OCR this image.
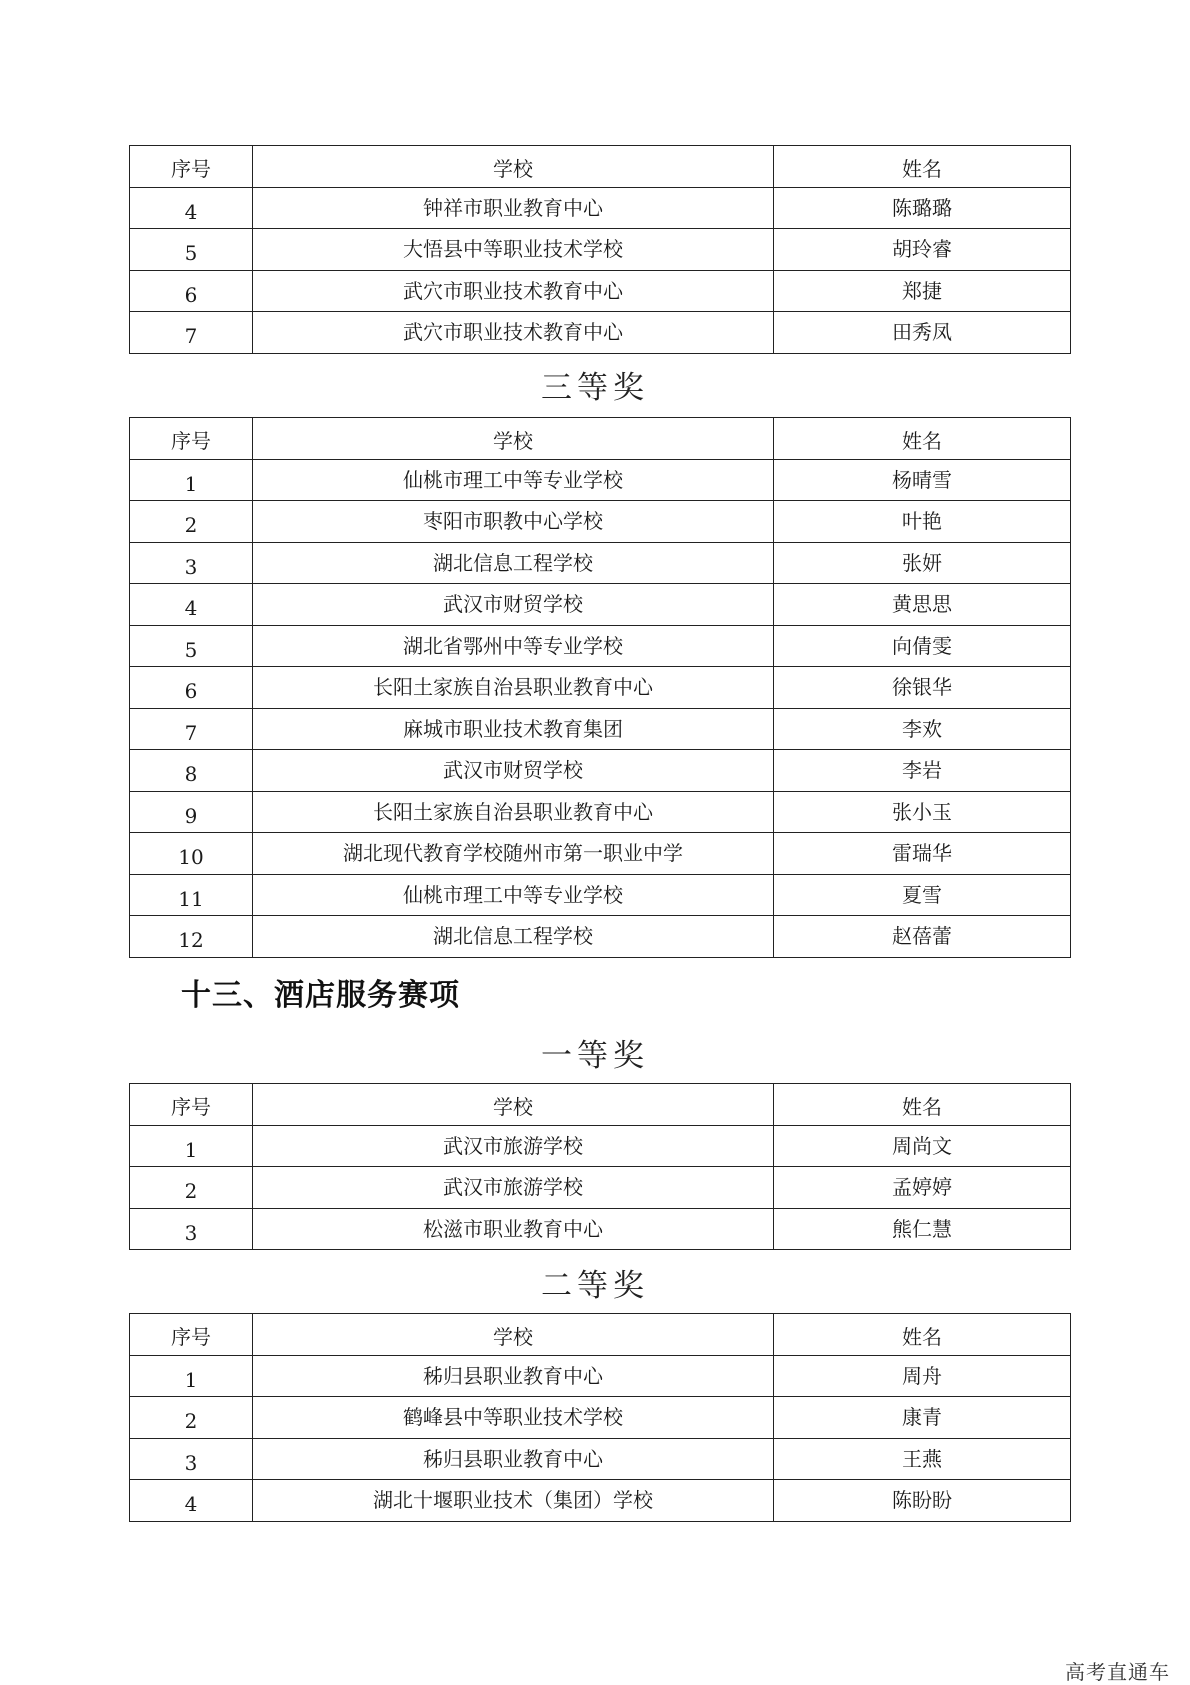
序号	学校	姓名
4	钟祥市职业教育中心	陈璐璐
5	大悟县中等职业技术学校	胡玲睿
6	武穴市职业技术教育中心	郑捷
7	武穴市职业技术教育中心	田秀凤
三等奖
序号	学校	姓名
1	仙桃市理工中等专业学校	杨晴雪
2	枣阳市职教中心学校	叶艳
3	湖北信息工程学校	张妍
4	武汉市财贸学校	黄思思
5	湖北省鄂州中等专业学校	向倩雯
6	长阳土家族自治县职业教育中心	徐银华
7	麻城市职业技术教育集团	李欢
8	武汉市财贸学校	李岩
9	长阳土家族自治县职业教育中心	张小玉
10	湖北现代教育学校随州市第一职业中学	雷瑞华
11	仙桃市理工中等专业学校	夏雪
12	湖北信息工程学校	赵蓓蕾
十三、酒店服务赛项
一等奖
序号	学校	姓名
1	武汉市旅游学校	周尚文
2	武汉市旅游学校	孟婷婷
3	松滋市职业教育中心	熊仁慧
二等奖
序号	学校	姓名
1	秭归县职业教育中心	周舟
2	鹤峰县中等职业技术学校	康青
3	秭归县职业教育中心	王燕
4	湖北十堰职业技术（集团）学校	陈盼盼
高考直通车
